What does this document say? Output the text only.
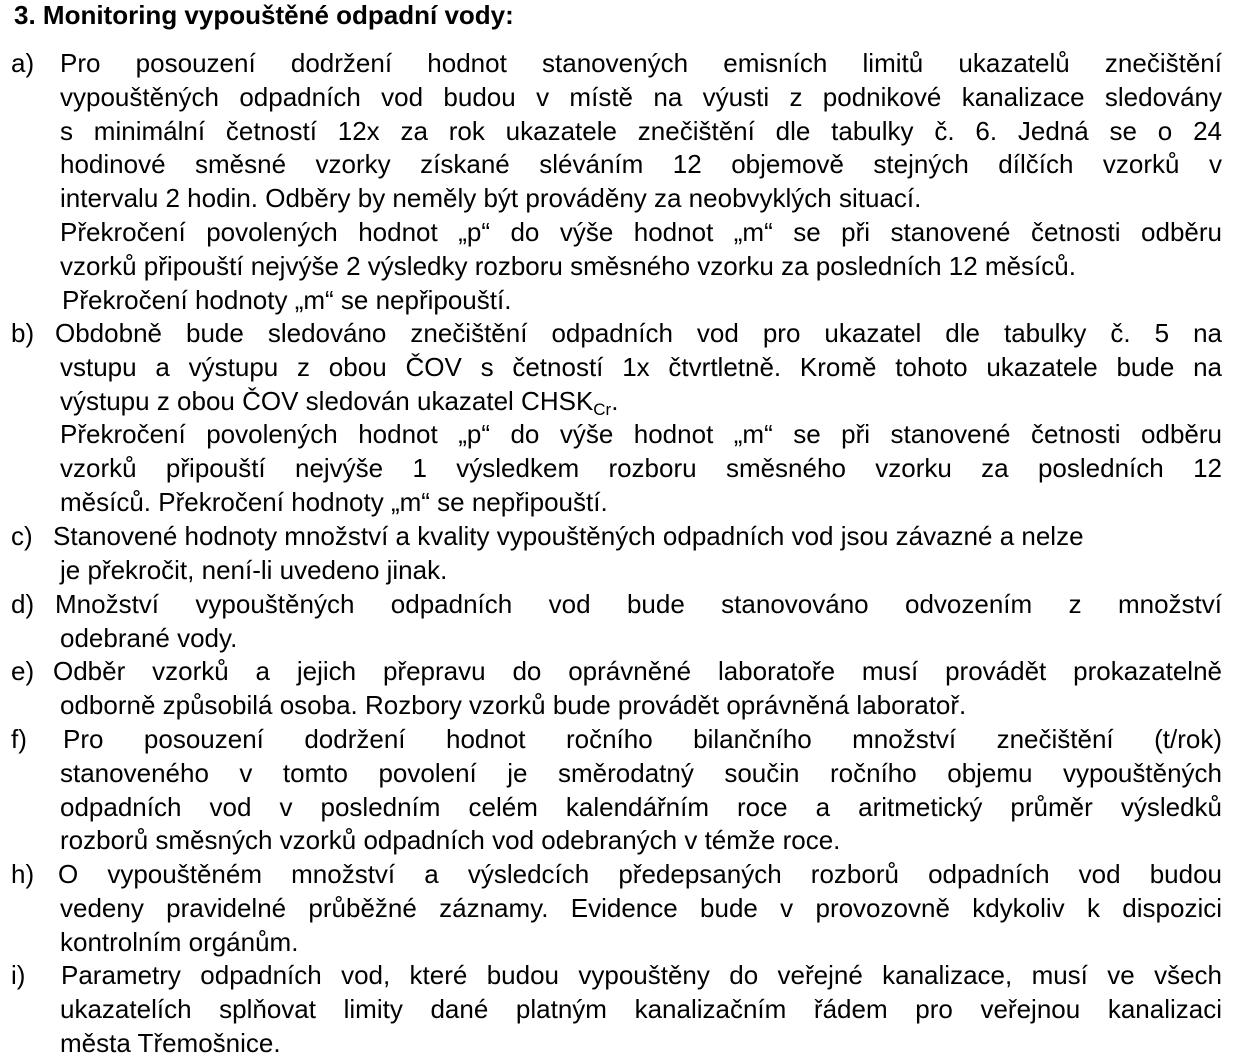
3. Monitoring vypouštěné odpadní vody:
a) Pro posouzení dodržení hodnot stanovených emisních limitů ukazatelů znečištění
vypouštěných odpadních vod budou v místě na výusti z podnikové kanalizace sledovány
s minimální četností 12x za rok ukazatele znečištění dle tabulky č. 6. Jedná se o 24
hodinové směsné vzorky získané sléváním 12 objemově stejných dílčích vzorků v
intervalu 2 hodin. Odběry by neměly být prováděny za neobvyklých situací.
Překročení povolených hodnot „p“ do výše hodnot „m“ se při stanovené četnosti odběru
vzorků připouští nejvýše 2 výsledky rozboru směsného vzorku za posledních 12 měsíců.
Překročení hodnoty „m“ se nepřipouští.
b) Obdobně bude sledováno znečištění odpadních vod pro ukazatel dle tabulky č. 5 na
vstupu a výstupu z obou ČOV s četností 1x čtvrtletně. Kromě tohoto ukazatele bude na
výstupu z obou ČOV sledován ukazatel $CHSK_{Cr}$.
Překročení povolených hodnot „p“ do výše hodnot „m“ se při stanovené četnosti odběru
vzorků připouští nejvýše 1 výsledkem rozboru směsného vzorku za posledních 12
měsíců. Překročení hodnoty „m“ se nepřipouští.
c) Stanovené hodnoty množství a kvality vypouštěných odpadních vod jsou závazné a nelze
je překročit, není-li uvedeno jinak.
d) Množství vypouštěných odpadních vod bude stanovováno odvozením z množství
odebrané vody.
e) Odběr vzorků a jejich přepravu do oprávněné laboratoře musí provádět prokazatelně
odborně způsobilá osoba. Rozbory vzorků bude provádět oprávněná laboratoř.
f) Pro posouzení dodržení hodnot ročního bilančního množství znečištění (t/rok)
stanoveného v tomto povolení je směrodatný součin ročního objemu vypouštěných
odpadních vod v posledním celém kalendářním roce a aritmetický průměr výsledků
rozborů směsných vzorků odpadních vod odebraných v témže roce.
h) O vypouštěném množství a výsledcích předepsaných rozborů odpadních vod budou
vedeny pravidelné průběžné záznamy. Evidence bude v provozovně kdykoliv k dispozici
kontrolním orgánům.
i) Parametry odpadních vod, které budou vypouštěny do veřejné kanalizace, musí ve všech
ukazatelích splňovat limity dané platným kanalizačním řádem pro veřejnou kanalizaci
města Třemošnice.
